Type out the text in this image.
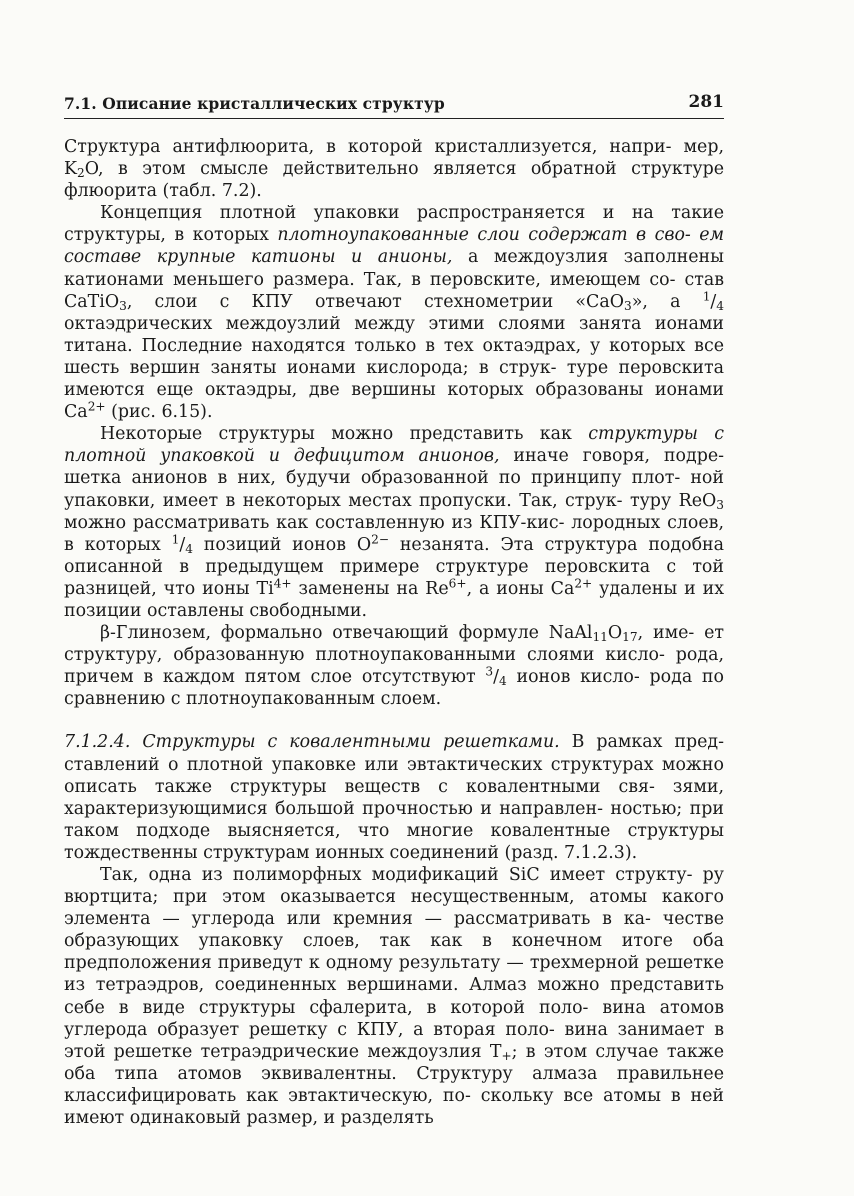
7.1. Описание кристаллических структур	281

Структура антифлюорита, в которой кристаллизуется, напри- мер, $K_2O$, в этом смысле действительно является обратной структуре флюорита (табл. 7.2).

Концепция плотной упаковки распространяется и на такие структуры, в которых плотноупакованные слои содержат в сво- ем составе крупные катионы и анионы, а междоузлия заполнены катионами меньшего размера. Так, в перовските, имеющем со- став CaTiO$_3$, слои с КПУ отвечают стехнометрии «CaO$_3$», а $^1/_4$ октаэдрических междоузлий между этими слоями занята ионами титана. Последние находятся только в тех октаэдрах, у которых все шесть вершин заняты ионами кислорода; в струк- туре перовскита имеются еще октаэдры, две вершины которых образованы ионами $Ca^{2+}$ (рис. 6.15).

Некоторые структуры можно представить как структуры с плотной упаковкой и дефицитом анионов, иначе говоря, подре- шетка анионов в них, будучи образованной по принципу плот- ной упаковки, имеет в некоторых местах пропуски. Так, струк- туру ReO$_3$ можно рассматривать как составленную из КПУ-кис- лородных слоев, в которых $^1/_4$ позиций ионов $O^{2-}$ незанята. Эта структура подобна описанной в предыдущем примере структуре перовскита с той разницей, что ионы $Ti^{4+}$ заменены на $Re^{6+}$, а ионы $Ca^{2+}$ удалены и их позиции оставлены свободными.

β-Глинозем, формально отвечающий формуле $NaAl_{11}O_{17}$, име- ет структуру, образованную плотноупакованными слоями кисло- рода, причем в каждом пятом слое отсутствуют $^3/_4$ ионов кисло- рода по сравнению с плотноупакованным слоем.

7.1.2.4. Структуры с ковалентными решетками. В рамках пред- ставлений о плотной упаковке или эвтактических структурах можно описать также структуры веществ с ковалентными свя- зями, характеризующимися большой прочностью и направлен- ностью; при таком подходе выясняется, что многие ковалентные структуры тождественны структурам ионных соединений (разд. 7.1.2.3).

Так, одна из полиморфных модификаций SiC имеет структу- ру вюртцита; при этом оказывается несущественным, атомы какого элемента — углерода или кремния — рассматривать в ка- честве образующих упаковку слоев, так как в конечном итоге оба предположения приведут к одному результату — трехмерной решетке из тетраэдров, соединенных вершинами. Алмаз можно представить себе в виде структуры сфалерита, в которой поло- вина атомов углерода образует решетку с КПУ, а вторая поло- вина занимает в этой решетке тетраэдрические междоузлия $T_+$; в этом случае также оба типа атомов эквивалентны. Структуру алмаза правильнее классифицировать как эвтактическую, по- скольку все атомы в ней имеют одинаковый размер, и разделять
